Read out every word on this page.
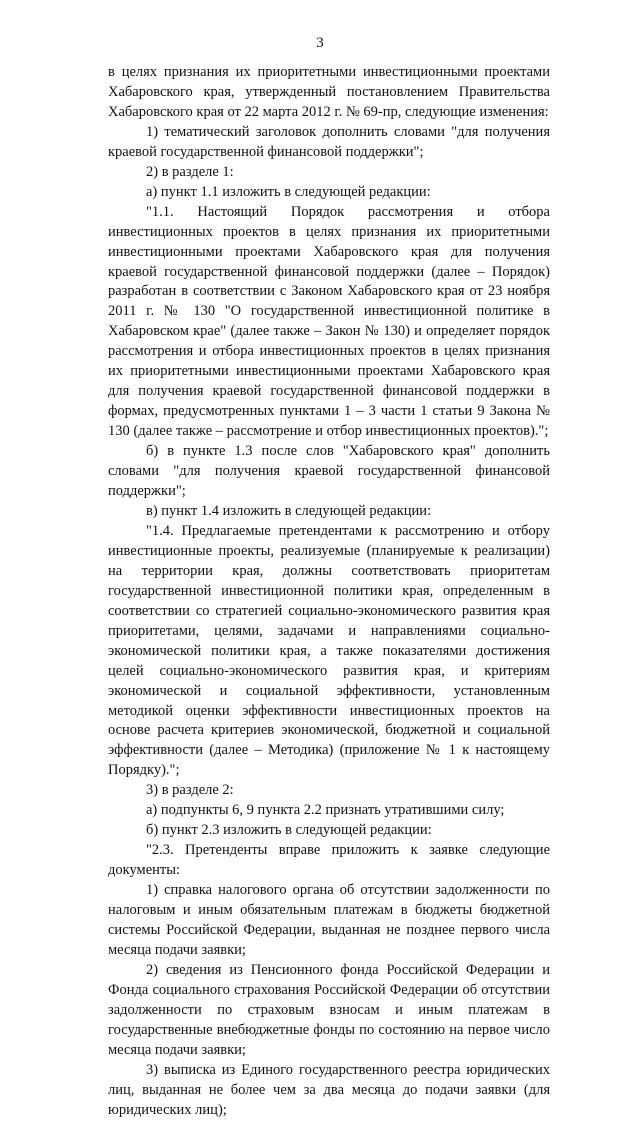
3

в целях признания их приоритетными инвестиционными проектами Хабаровского края, утвержденный постановлением Правительства Хабаровского края от 22 марта 2012 г. № 69-пр, следующие изменения:

1) тематический заголовок дополнить словами "для получения краевой государственной финансовой поддержки";

2) в разделе 1:

а) пункт 1.1 изложить в следующей редакции:

"1.1. Настоящий Порядок рассмотрения и отбора инвестиционных проектов в целях признания их приоритетными инвестиционными проектами Хабаровского края для получения краевой государственной финансовой поддержки (далее – Порядок) разработан в соответствии с Законом Хабаровского края от 23 ноября 2011 г. № 130 "О государственной инвестиционной политике в Хабаровском крае" (далее также – Закон № 130) и определяет порядок рассмотрения и отбора инвестиционных проектов в целях признания их приоритетными инвестиционными проектами Хабаровского края для получения краевой государственной финансовой поддержки в формах, предусмотренных пунктами 1 – 3 части 1 статьи 9 Закона № 130 (далее также – рассмотрение и отбор инвестиционных проектов).";

б) в пункте 1.3 после слов "Хабаровского края" дополнить словами "для получения краевой государственной финансовой поддержки";

в) пункт 1.4 изложить в следующей редакции:

"1.4. Предлагаемые претендентами к рассмотрению и отбору инвестиционные проекты, реализуемые (планируемые к реализации) на территории края, должны соответствовать приоритетам государственной инвестиционной политики края, определенным в соответствии со стратегией социально-экономического развития края приоритетами, целями, задачами и направлениями социально-экономической политики края, а также показателями достижения целей социально-экономического развития края, и критериям экономической и социальной эффективности, установленным методикой оценки эффективности инвестиционных проектов на основе расчета критериев экономической, бюджетной и социальной эффективности (далее – Методика) (приложение № 1 к настоящему Порядку).";

3) в разделе 2:

а) подпункты 6, 9 пункта 2.2 признать утратившими силу;

б) пункт 2.3 изложить в следующей редакции:

"2.3. Претенденты вправе приложить к заявке следующие документы:

1) справка налогового органа об отсутствии задолженности по налоговым и иным обязательным платежам в бюджеты бюджетной системы Российской Федерации, выданная не позднее первого числа месяца подачи заявки;

2) сведения из Пенсионного фонда Российской Федерации и Фонда социального страхования Российской Федерации об отсутствии задолженности по страховым взносам и иным платежам в государственные внебюджетные фонды по состоянию на первое число месяца подачи заявки;

3) выписка из Единого государственного реестра юридических лиц, выданная не более чем за два месяца до подачи заявки (для юридических лиц);
